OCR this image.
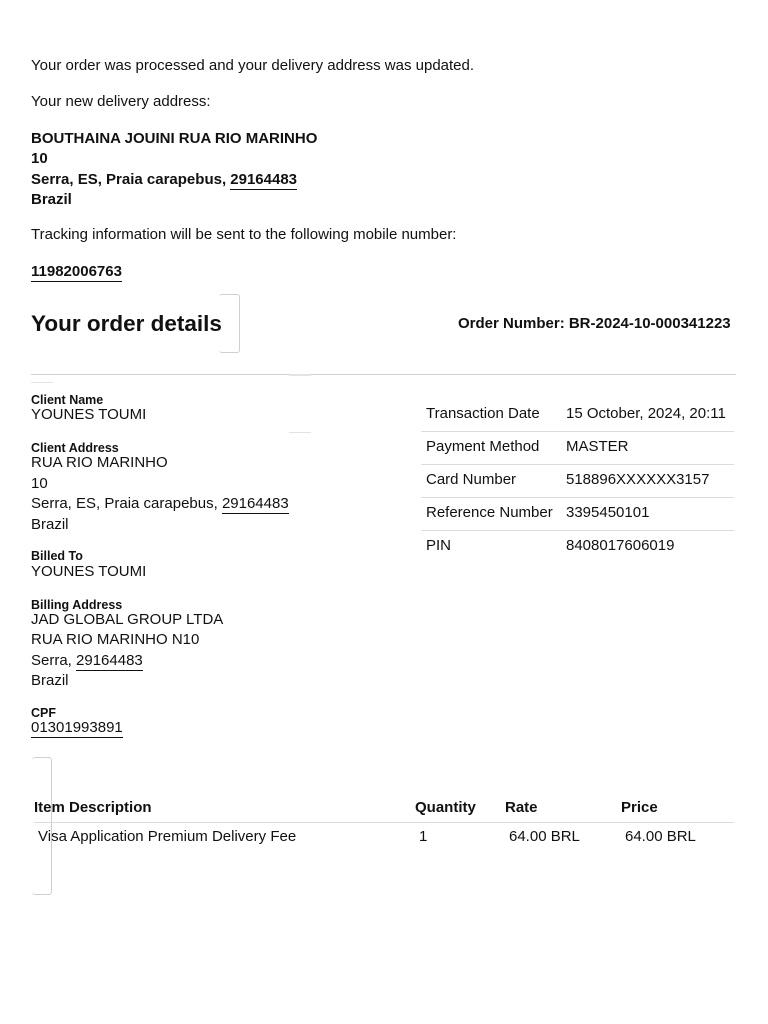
Your order was processed and your delivery address was updated.
Your new delivery address:
BOUTHAINA JOUINI RUA RIO MARINHO
10
Serra, ES, Praia carapebus, 29164483
Brazil
Tracking information will be sent to the following mobile number:
11982006763
Your order details	Order Number: BR-2024-10-000341223
Client Name
YOUNES TOUMI
Client Address
RUA RIO MARINHO
10
Serra, ES, Praia carapebus, 29164483
Brazil
Billed To
YOUNES TOUMI
Billing Address
JAD GLOBAL GROUP LTDA
RUA RIO MARINHO N10
Serra, 29164483
Brazil
CPF
01301993891
Transaction Date 15 October, 2024, 20:11
Payment Method MASTER
Card Number	518896XXXXXX3157
Reference Number 3395450101
PIN	8408017606019
Item Description	Quantity Rate	Price
Visa Application Premium Delivery Fee	1	64.00 BRL	64.00 BRL
